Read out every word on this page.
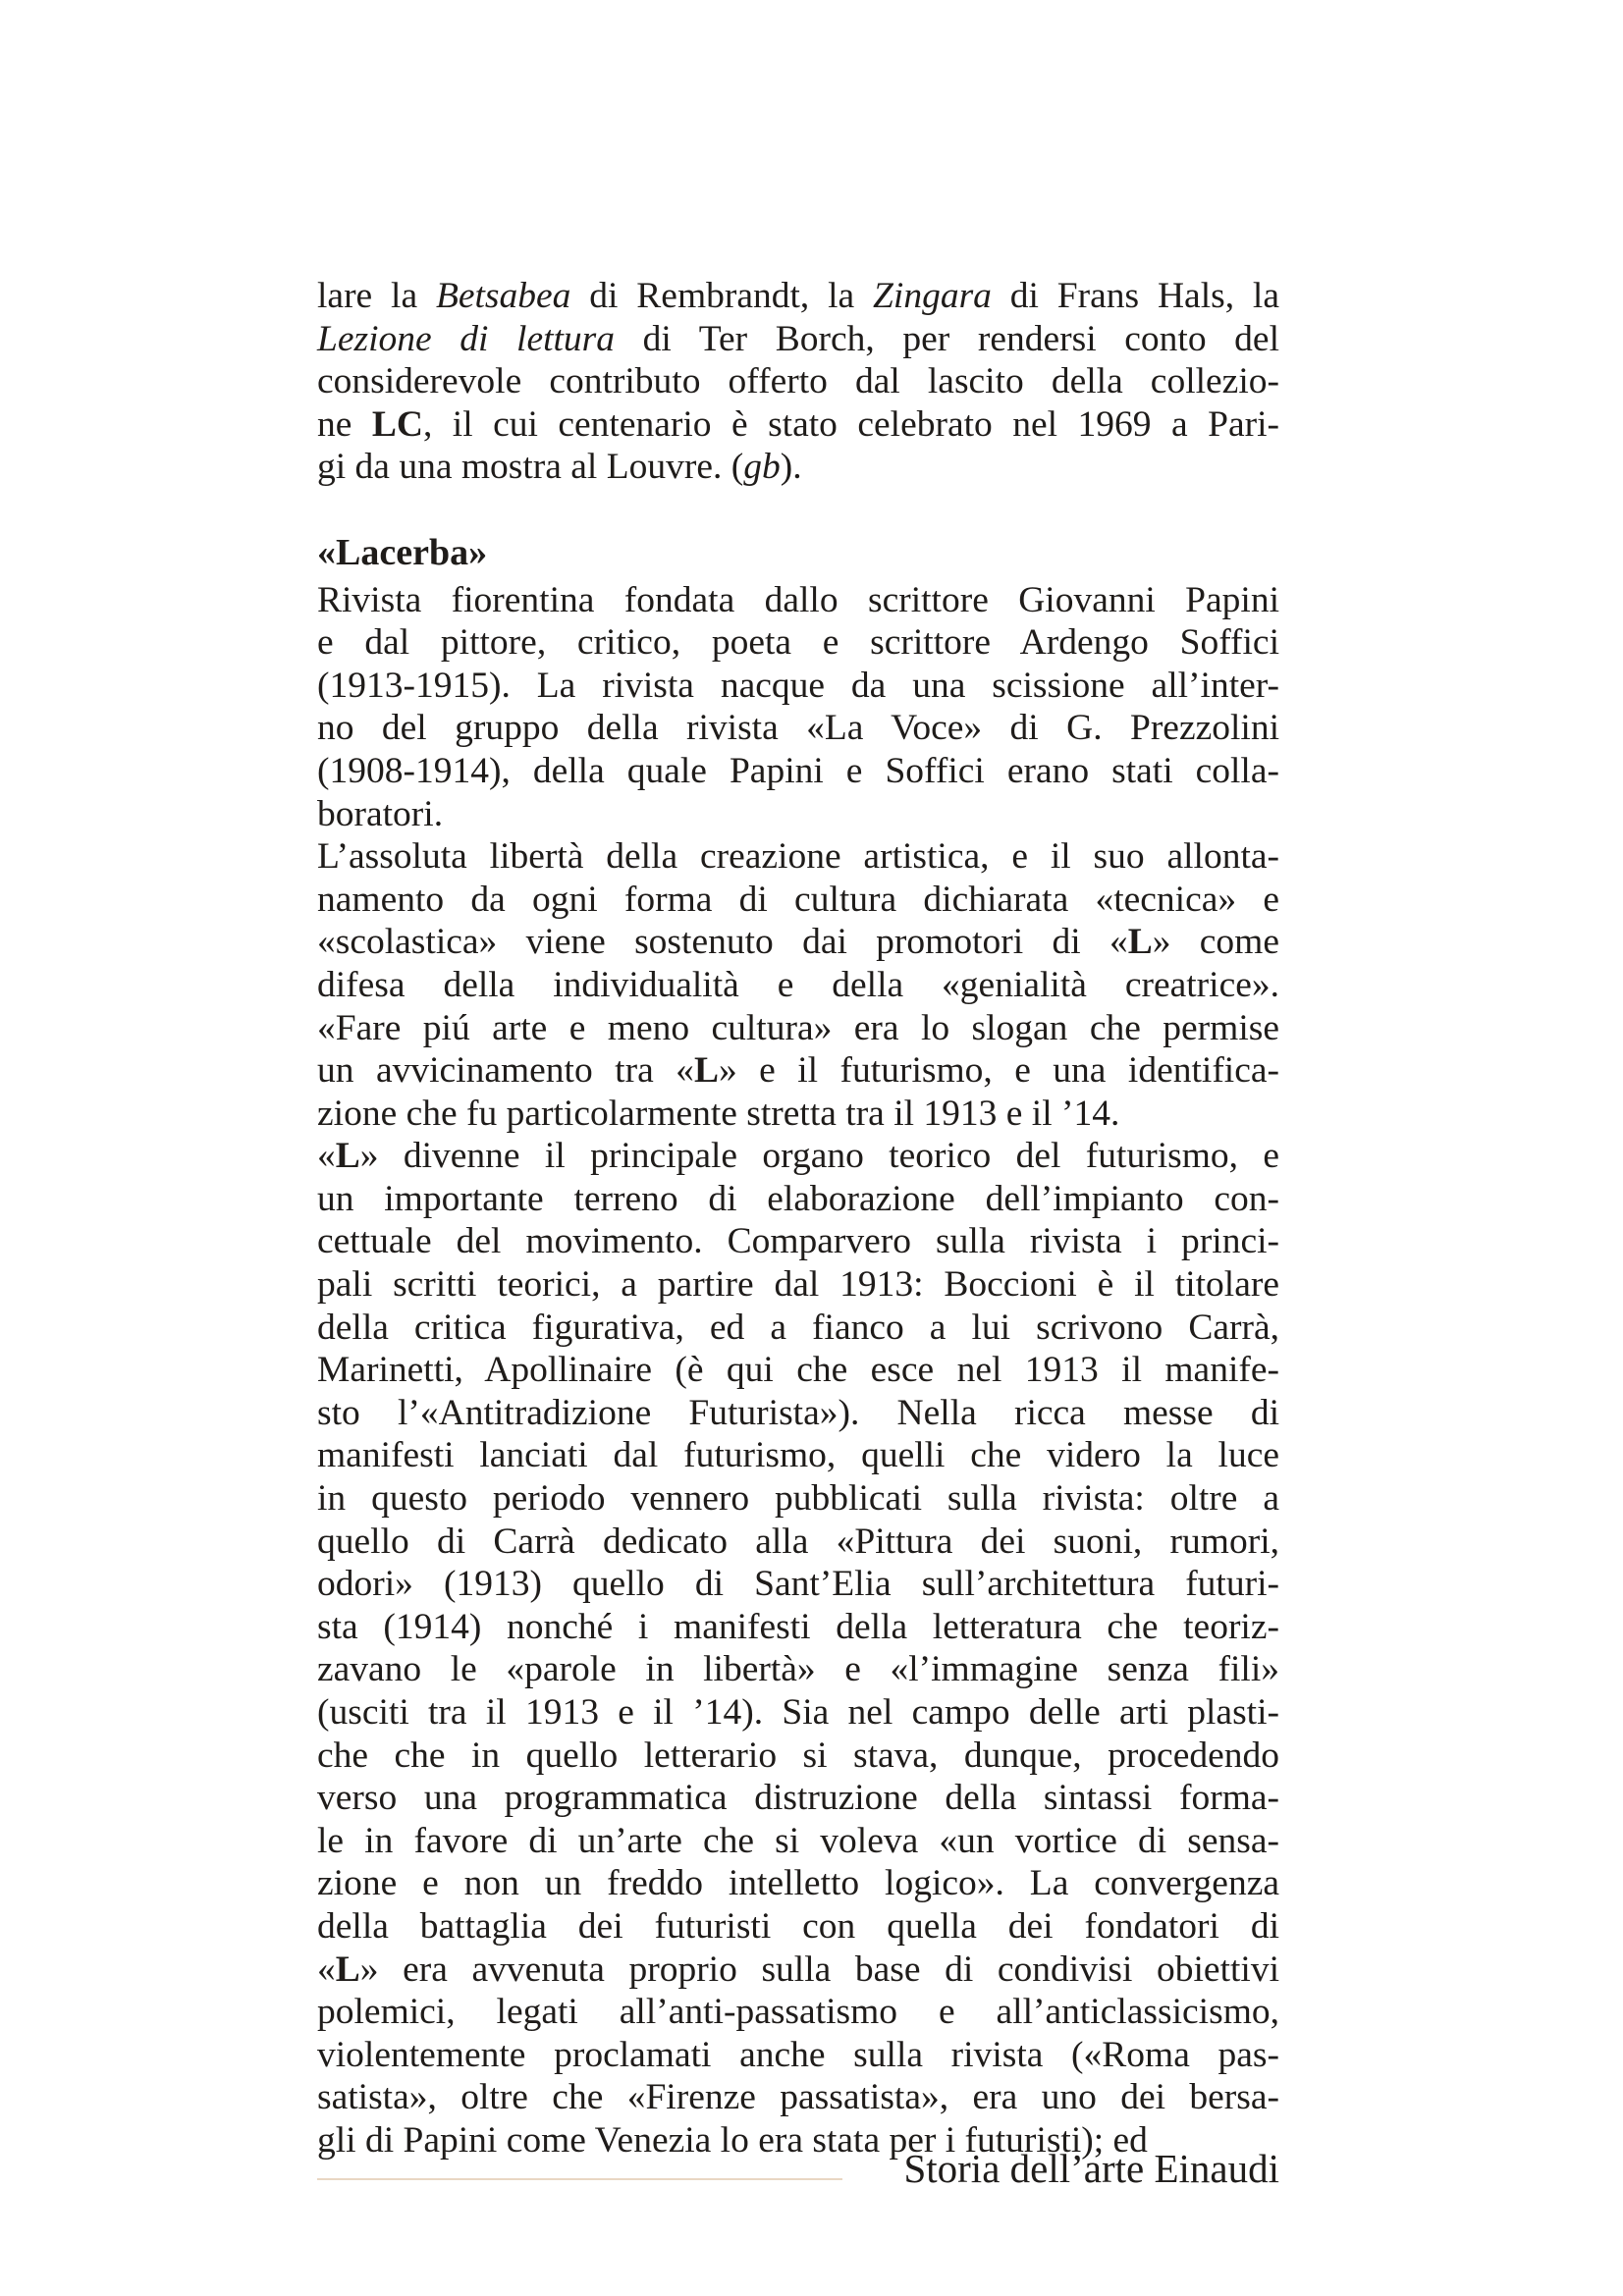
lare la Betsabea di Rembrandt, la Zingara di Frans Hals, la
Lezione di lettura di Ter Borch, per rendersi conto del
considerevole contributo offerto dal lascito della collezio-
ne LC, il cui centenario è stato celebrato nel 1969 a Pari-
gi da una mostra al Louvre. (gb).
«Lacerba»
Rivista fiorentina fondata dallo scrittore Giovanni Papini
e dal pittore, critico, poeta e scrittore Ardengo Soffici
(1913-1915). La rivista nacque da una scissione all’inter-
no del gruppo della rivista «La Voce» di G. Prezzolini
(1908-1914), della quale Papini e Soffici erano stati colla-
boratori.
L’assoluta libertà della creazione artistica, e il suo allonta-
namento da ogni forma di cultura dichiarata «tecnica» e
«scolastica» viene sostenuto dai promotori di «L» come
difesa della individualità e della «genialità creatrice».
«Fare piú arte e meno cultura» era lo slogan che permise
un avvicinamento tra «L» e il futurismo, e una identifica-
zione che fu particolarmente stretta tra il 1913 e il ’14.
«L» divenne il principale organo teorico del futurismo, e
un importante terreno di elaborazione dell’impianto con-
cettuale del movimento. Comparvero sulla rivista i princi-
pali scritti teorici, a partire dal 1913: Boccioni è il titolare
della critica figurativa, ed a fianco a lui scrivono Carrà,
Marinetti, Apollinaire (è qui che esce nel 1913 il manife-
sto l’«Antitradizione Futurista»). Nella ricca messe di
manifesti lanciati dal futurismo, quelli che videro la luce
in questo periodo vennero pubblicati sulla rivista: oltre a
quello di Carrà dedicato alla «Pittura dei suoni, rumori,
odori» (1913) quello di Sant’Elia sull’architettura futuri-
sta (1914) nonché i manifesti della letteratura che teoriz-
zavano le «parole in libertà» e «l’immagine senza fili»
(usciti tra il 1913 e il ’14). Sia nel campo delle arti plasti-
che che in quello letterario si stava, dunque, procedendo
verso una programmatica distruzione della sintassi forma-
le in favore di un’arte che si voleva «un vortice di sensa-
zione e non un freddo intelletto logico». La convergenza
della battaglia dei futuristi con quella dei fondatori di
«L» era avvenuta proprio sulla base di condivisi obiettivi
polemici, legati all’anti-passatismo e all’anticlassicismo,
violentemente proclamati anche sulla rivista («Roma pas-
satista», oltre che «Firenze passatista», era uno dei bersa-
gli di Papini come Venezia lo era stata per i futuristi); ed
Storia dell’arte Einaudi
